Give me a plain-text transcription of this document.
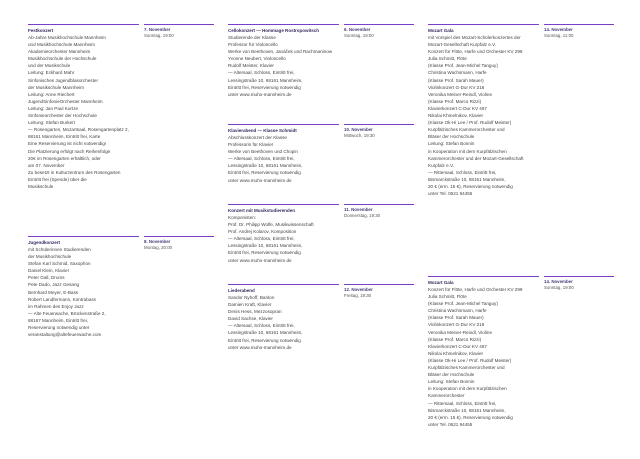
Festkonzert	7. November
Sonntag, 19:00
Ab-Jahre Musikhochschule Mannheim
und Musikhochschule Mannheim
Akademieorchester Mannheim
Musikhochschule der Hochschule
und der Musikschule
Leitung: Eckhard Mahr
Sinfonisches Jugendblasorchester
der Musikschule Mannheim
Leitung: Anne Riechert
JugendSinfonieOrchester Mannheim
Leitung: Jan Paul Kurtze
Sinfonieorchester der Hochschule
Leitung: Stefan Burkert
— Rosengarten, Mozartsaal, Rosengartenplatz 2,
68161 Mannheim, Eintritt frei, Karte
Eine Reservierung ist nicht notwendig!
Die Platzierung erfolgt nach Reihenfolge
20€ im Rosengarten erhältlich, oder
am 07. November
Zu besetzt in Kulturzentrum des Rosengarten
Eintritt frei (Spende) über die
Musikschule
Jugendkonzert	8. November
Montag, 20:00
mit Schülerinnen Studierenden
der Musikhochschule
Stefan Karl Schmid, Saxophon
Daniel Klein, Klavier
Peter Gall, Drums
Pete Dado, Jazz Gesang
Bernhard Meyer, E-Bass
Robert Landfermann, Kontrabass
im Rahmen des Enjoy Jazz
— Alte Feuerwache, Brückenstraße 2,
68167 Mannheim, Eintritt frei,
Reservierung notwendig unter
veranstaltung@altefeuerwache.com
Cellokonzert — Hommage Rostropowitsch	6. November
Sonntag, 18:00
Studierende der Klasse
Professor für Violoncello
Werke von Beethoven, Janáček und Rachmaninow
Yvonne Neubert, Violoncello
Rudolf Meister, Klavier
— Altersaal, Schloss, Eintritt frei,
Lessingstraße 10, 68161 Mannheim,
Eintritt frei, Reservierung notwendig
unter www.muho-mannheim.de
Klavierabend — Klasse Schmidt	10. November
Mittwoch, 19:30
Abschlusskonzert der Klasse
Professorin für Klavier
Werke von Beethoven und Chopin
— Altersaal, Schloss, Eintritt frei,
Lessingstraße 10, 68161 Mannheim,
Eintritt frei, Reservierung notwendig
unter www.muho-mannheim.de
Konzert mit Musikstudierenden	11. November
Donnerstag, 19:30
Komponisten:
Prof. Dr. Philipp Wolfe, Musikwissenschaft
Prof. Andrej Kolarov, Komposition
— Altersaal, Schloss, Eintritt frei,
Lessingstraße 10, 68161 Mannheim,
Eintritt frei, Reservierung notwendig
unter www.muho-mannheim.de
Liederabend	12. November
Freitag, 19:30
Sandor Nyhoff, Bariton
Damien Kraft, Klavier
Denis Hess, Mezzosopran
David Sachse, Klavier
— Altersaal, Schloss, Eintritt frei,
Lessingstraße 10, 68161 Mannheim,
Eintritt frei, Reservierung notwendig
unter www.muho-mannheim.de
Mozart Gala	14. November
Sonntag, 11:00
mit Vorspiel des Mozart-Schülerkonzertes der
Mozart-Gesellschaft Kurpfalz e.V.
Konzert für Flöte, Harfe und Orchester KV 299
Julia Schmitt, Flöte
(Klasse Prof. Jean-Michel Tanguy)
Christina Wachsmann, Harfe
(Klasse Prof. Sarah Mauer)
Violinkonzert G-Dur KV 216
Veronika Meiner-Reindl, Violine
(Klasse Prof. Marco Rizzi)
Klavierkonzert C-Dur KV 467
Nikolai Khmelnikov, Klavier
(Klasse Ok-Hi Lee / Prof. Rudolf Meister)
Kurpfälzisches Kammerorchester und
Bläser der Hochschule
Leitung: Stefan Bonnin
in Kooperation mit dem Kurpfälzischen
Kammerorchester und der Mozart-Gesellschaft
Kurpfalz e.V.
— Rittersaal, Schloss, Eintritt frei,
Bismarckstraße 10, 68161 Mannheim,
20 € (erm. 15 €), Reservierung notwendig
unter Tel. 0621 94455
Mozart Gala	14. November
Sonntag, 19:00
Konzert für Flöte, Harfe und Orchester KV 299
Julia Schmitt, Flöte
(Klasse Prof. Jean-Michel Tanguy)
Christina Wachsmann, Harfe
(Klasse Prof. Sarah Mauer)
Violinkonzert G-Dur KV 216
Veronika Meiner-Reindl, Violine
(Klasse Prof. Marco Rizzi)
Klavierkonzert C-Dur KV 467
Nikolai Khmelnikov, Klavier
(Klasse Ok-Hi Lee / Prof. Rudolf Meister)
Kurpfälzisches Kammerorchester und
Bläser der Hochschule
Leitung: Stefan Bonnin
in Kooperation mit dem Kurpfälzischen
Kammerorchester
— Rittersaal, Schloss, Eintritt frei,
Bismarckstraße 10, 68161 Mannheim,
20 € (erm. 15 €), Reservierung notwendig
unter Tel. 0621 94455
